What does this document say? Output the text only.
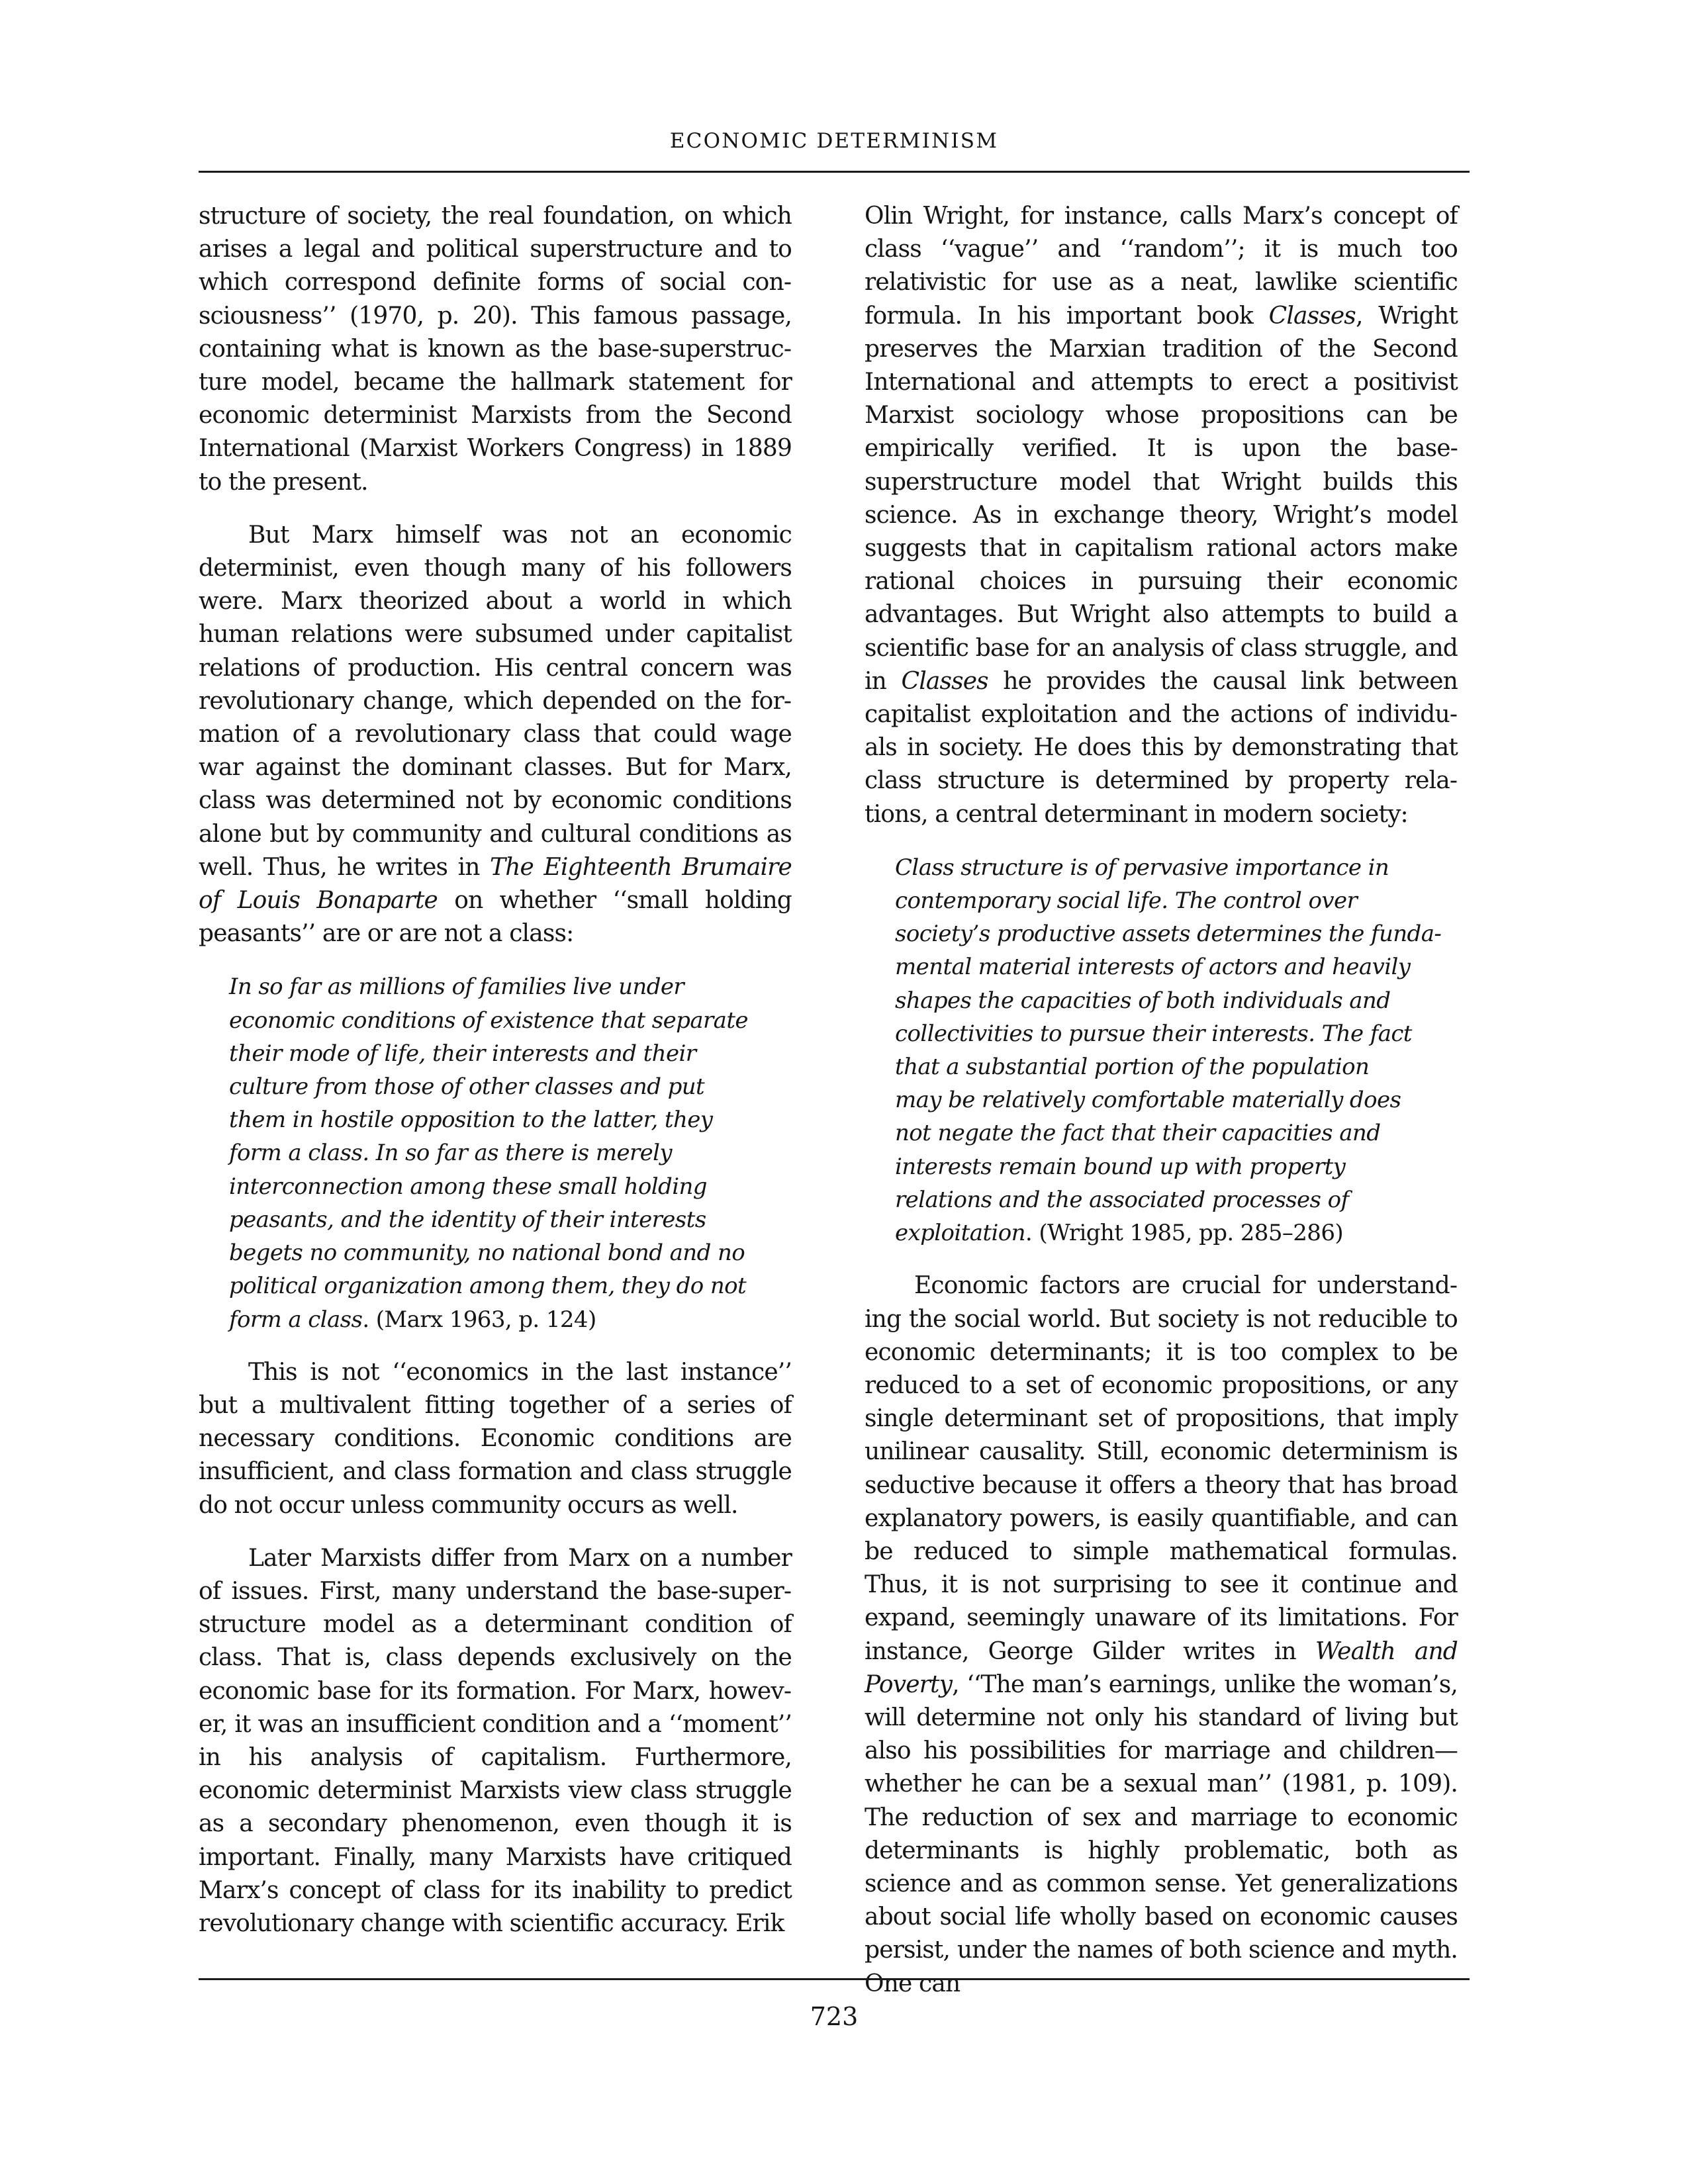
ECONOMIC DETERMINISM

structure of society, the real foundation, on which arises a legal and political superstructure and to which correspond definite forms of social consciousness’’ (1970, p. 20). This famous passage, containing what is known as the base-superstructure model, became the hallmark statement for economic determinist Marxists from the Second International (Marxist Workers Congress) in 1889 to the present.

But Marx himself was not an economic determinist, even though many of his followers were. Marx theorized about a world in which human relations were subsumed under capitalist relations of production. His central concern was revolutionary change, which depended on the formation of a revolutionary class that could wage war against the dominant classes. But for Marx, class was determined not by economic conditions alone but by community and cultural conditions as well. Thus, he writes in The Eighteenth Brumaire of Louis Bonaparte on whether ‘‘small holding peasants’’ are or are not a class:

In so far as millions of families live under
economic conditions of existence that separate
their mode of life, their interests and their
culture from those of other classes and put
them in hostile opposition to the latter, they
form a class. In so far as there is merely
interconnection among these small holding
peasants, and the identity of their interests
begets no community, no national bond and no
political organization among them, they do not
form a class. (Marx 1963, p. 124)

This is not ‘‘economics in the last instance’’ but a multivalent fitting together of a series of necessary conditions. Economic conditions are insufficient, and class formation and class struggle do not occur unless community occurs as well.

Later Marxists differ from Marx on a number of issues. First, many understand the base-superstructure model as a determinant condition of class. That is, class depends exclusively on the economic base for its formation. For Marx, however, it was an insufficient condition and a ‘‘moment’’ in his analysis of capitalism. Furthermore, economic determinist Marxists view class struggle as a secondary phenomenon, even though it is important. Finally, many Marxists have critiqued Marx’s concept of class for its inability to predict revolutionary change with scientific accuracy. Erik

Olin Wright, for instance, calls Marx’s concept of class ‘‘vague’’ and ‘‘random’’; it is much too relativistic for use as a neat, lawlike scientific formula. In his important book Classes, Wright preserves the Marxian tradition of the Second International and attempts to erect a positivist Marxist sociology whose propositions can be empirically verified. It is upon the base-superstructure model that Wright builds this science. As in exchange theory, Wright’s model suggests that in capitalism rational actors make rational choices in pursuing their economic advantages. But Wright also attempts to build a scientific base for an analysis of class struggle, and in Classes he provides the causal link between capitalist exploitation and the actions of individuals in society. He does this by demonstrating that class structure is determined by property relations, a central determinant in modern society:

Class structure is of pervasive importance in
contemporary social life. The control over
society’s productive assets determines the funda-
mental material interests of actors and heavily
shapes the capacities of both individuals and
collectivities to pursue their interests. The fact
that a substantial portion of the population
may be relatively comfortable materially does
not negate the fact that their capacities and
interests remain bound up with property
relations and the associated processes of
exploitation. (Wright 1985, pp. 285–286)

Economic factors are crucial for understanding the social world. But society is not reducible to economic determinants; it is too complex to be reduced to a set of economic propositions, or any single determinant set of propositions, that imply unilinear causality. Still, economic determinism is seductive because it offers a theory that has broad explanatory powers, is easily quantifiable, and can be reduced to simple mathematical formulas. Thus, it is not surprising to see it continue and expand, seemingly unaware of its limitations. For instance, George Gilder writes in Wealth and Poverty, ‘‘The man’s earnings, unlike the woman’s, will determine not only his standard of living but also his possibilities for marriage and children—whether he can be a sexual man’’ (1981, p. 109). The reduction of sex and marriage to economic determinants is highly problematic, both as science and as common sense. Yet generalizations about social life wholly based on economic causes persist, under the names of both science and myth. One can

723
